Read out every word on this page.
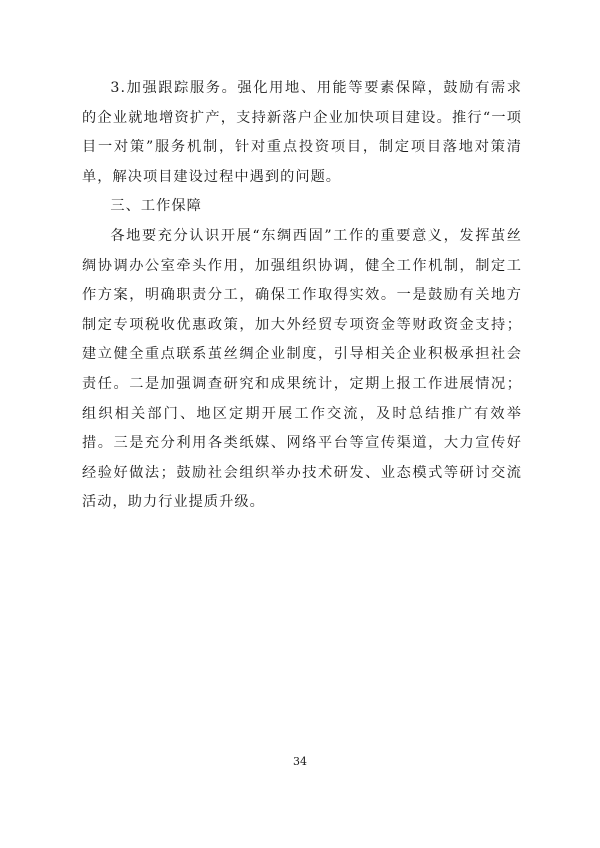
3.加强跟踪服务。强化用地、用能等要素保障，鼓励有需求的企业就地增资扩产，支持新落户企业加快项目建设。推行“一项目一对策”服务机制，针对重点投资项目，制定项目落地对策清单，解决项目建设过程中遇到的问题。

三、工作保障

各地要充分认识开展“东绸西固”工作的重要意义，发挥茧丝绸协调办公室牵头作用，加强组织协调，健全工作机制，制定工作方案，明确职责分工，确保工作取得实效。一是鼓励有关地方制定专项税收优惠政策，加大外经贸专项资金等财政资金支持；建立健全重点联系茧丝绸企业制度，引导相关企业积极承担社会责任。二是加强调查研究和成果统计，定期上报工作进展情况；组织相关部门、地区定期开展工作交流，及时总结推广有效举措。三是充分利用各类纸媒、网络平台等宣传渠道，大力宣传好经验好做法；鼓励社会组织举办技术研发、业态模式等研讨交流活动，助力行业提质升级。

34
